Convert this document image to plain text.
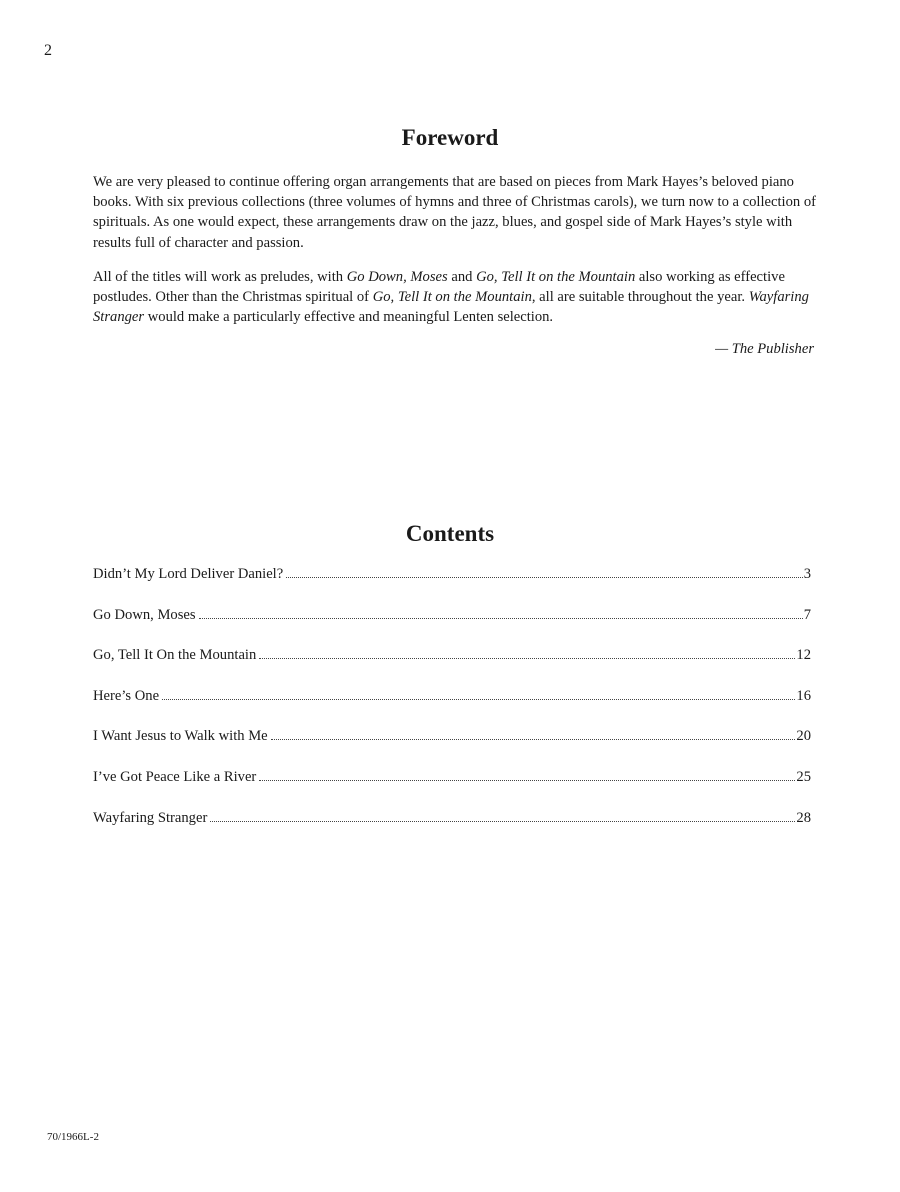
2
Foreword

We are very pleased to continue offering organ arrangements that are based on pieces from Mark Hayes’s beloved piano books. With six previous collections (three volumes of hymns and three of Christmas carols), we turn now to a collection of spirituals. As one would expect, these arrangements draw on the jazz, blues, and gospel side of Mark Hayes’s style with results full of character and passion.

All of the titles will work as preludes, with Go Down, Moses and Go, Tell It on the Mountain also working as effective postludes. Other than the Christmas spiritual of Go, Tell It on the Mountain, all are suitable throughout the year. Wayfaring Stranger would make a particularly effective and meaningful Lenten selection.

— The Publisher
Contents
Didn’t My Lord Deliver Daniel?	3
Go Down, Moses	7
Go, Tell It On the Mountain	12
Here’s One	16
I Want Jesus to Walk with Me	20
I’ve Got Peace Like a River	25
Wayfaring Stranger	28
70/1966L-2
